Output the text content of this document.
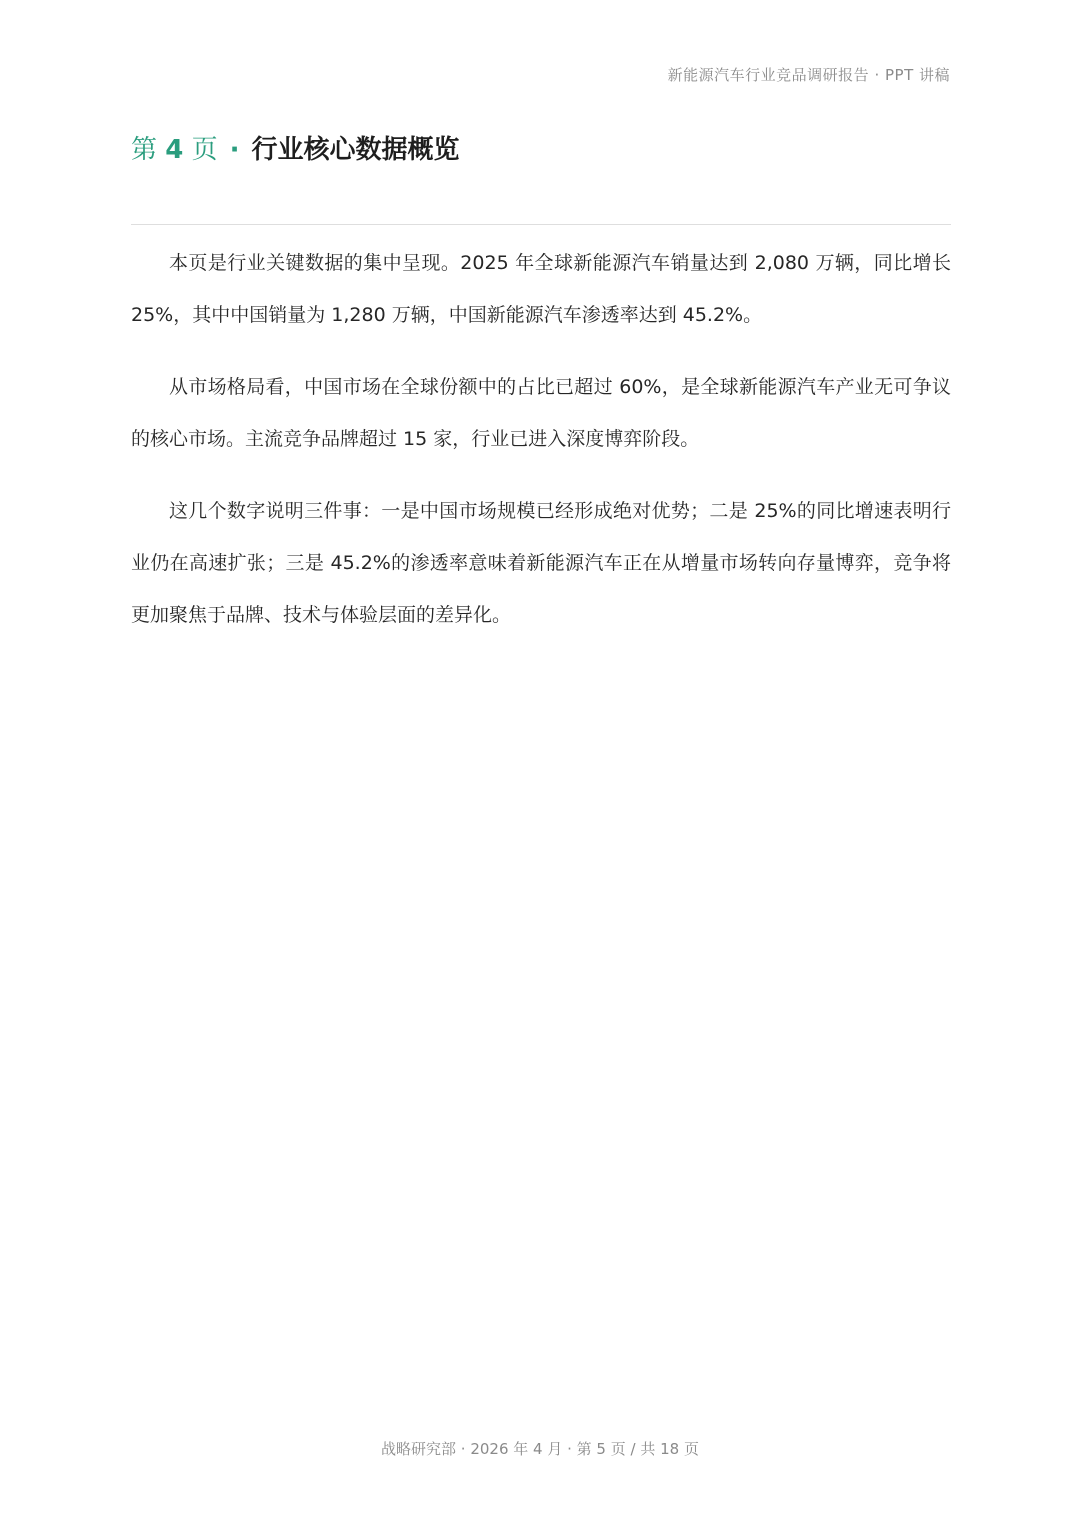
新能源汽车行业竞品调研报告 · PPT 讲稿
第 4 页 · 行业核心数据概览

本页是行业关键数据的集中呈现。2025 年全球新能源汽车销量达到 2,080 万辆，同比增长 25%，其中中国销量为 1,280 万辆，中国新能源汽车渗透率达到 45.2%。

从市场格局看，中国市场在全球份额中的占比已超过 60%，是全球新能源汽车产业无可争议的核心市场。主流竞争品牌超过 15 家，行业已进入深度博弈阶段。

这几个数字说明三件事：一是中国市场规模已经形成绝对优势；二是 25%的同比增速表明行业仍在高速扩张；三是 45.2%的渗透率意味着新能源汽车正在从增量市场转向存量博弈，竞争将更加聚焦于品牌、技术与体验层面的差异化。

战略研究部 · 2026 年 4 月 · 第 5 页 / 共 18 页
